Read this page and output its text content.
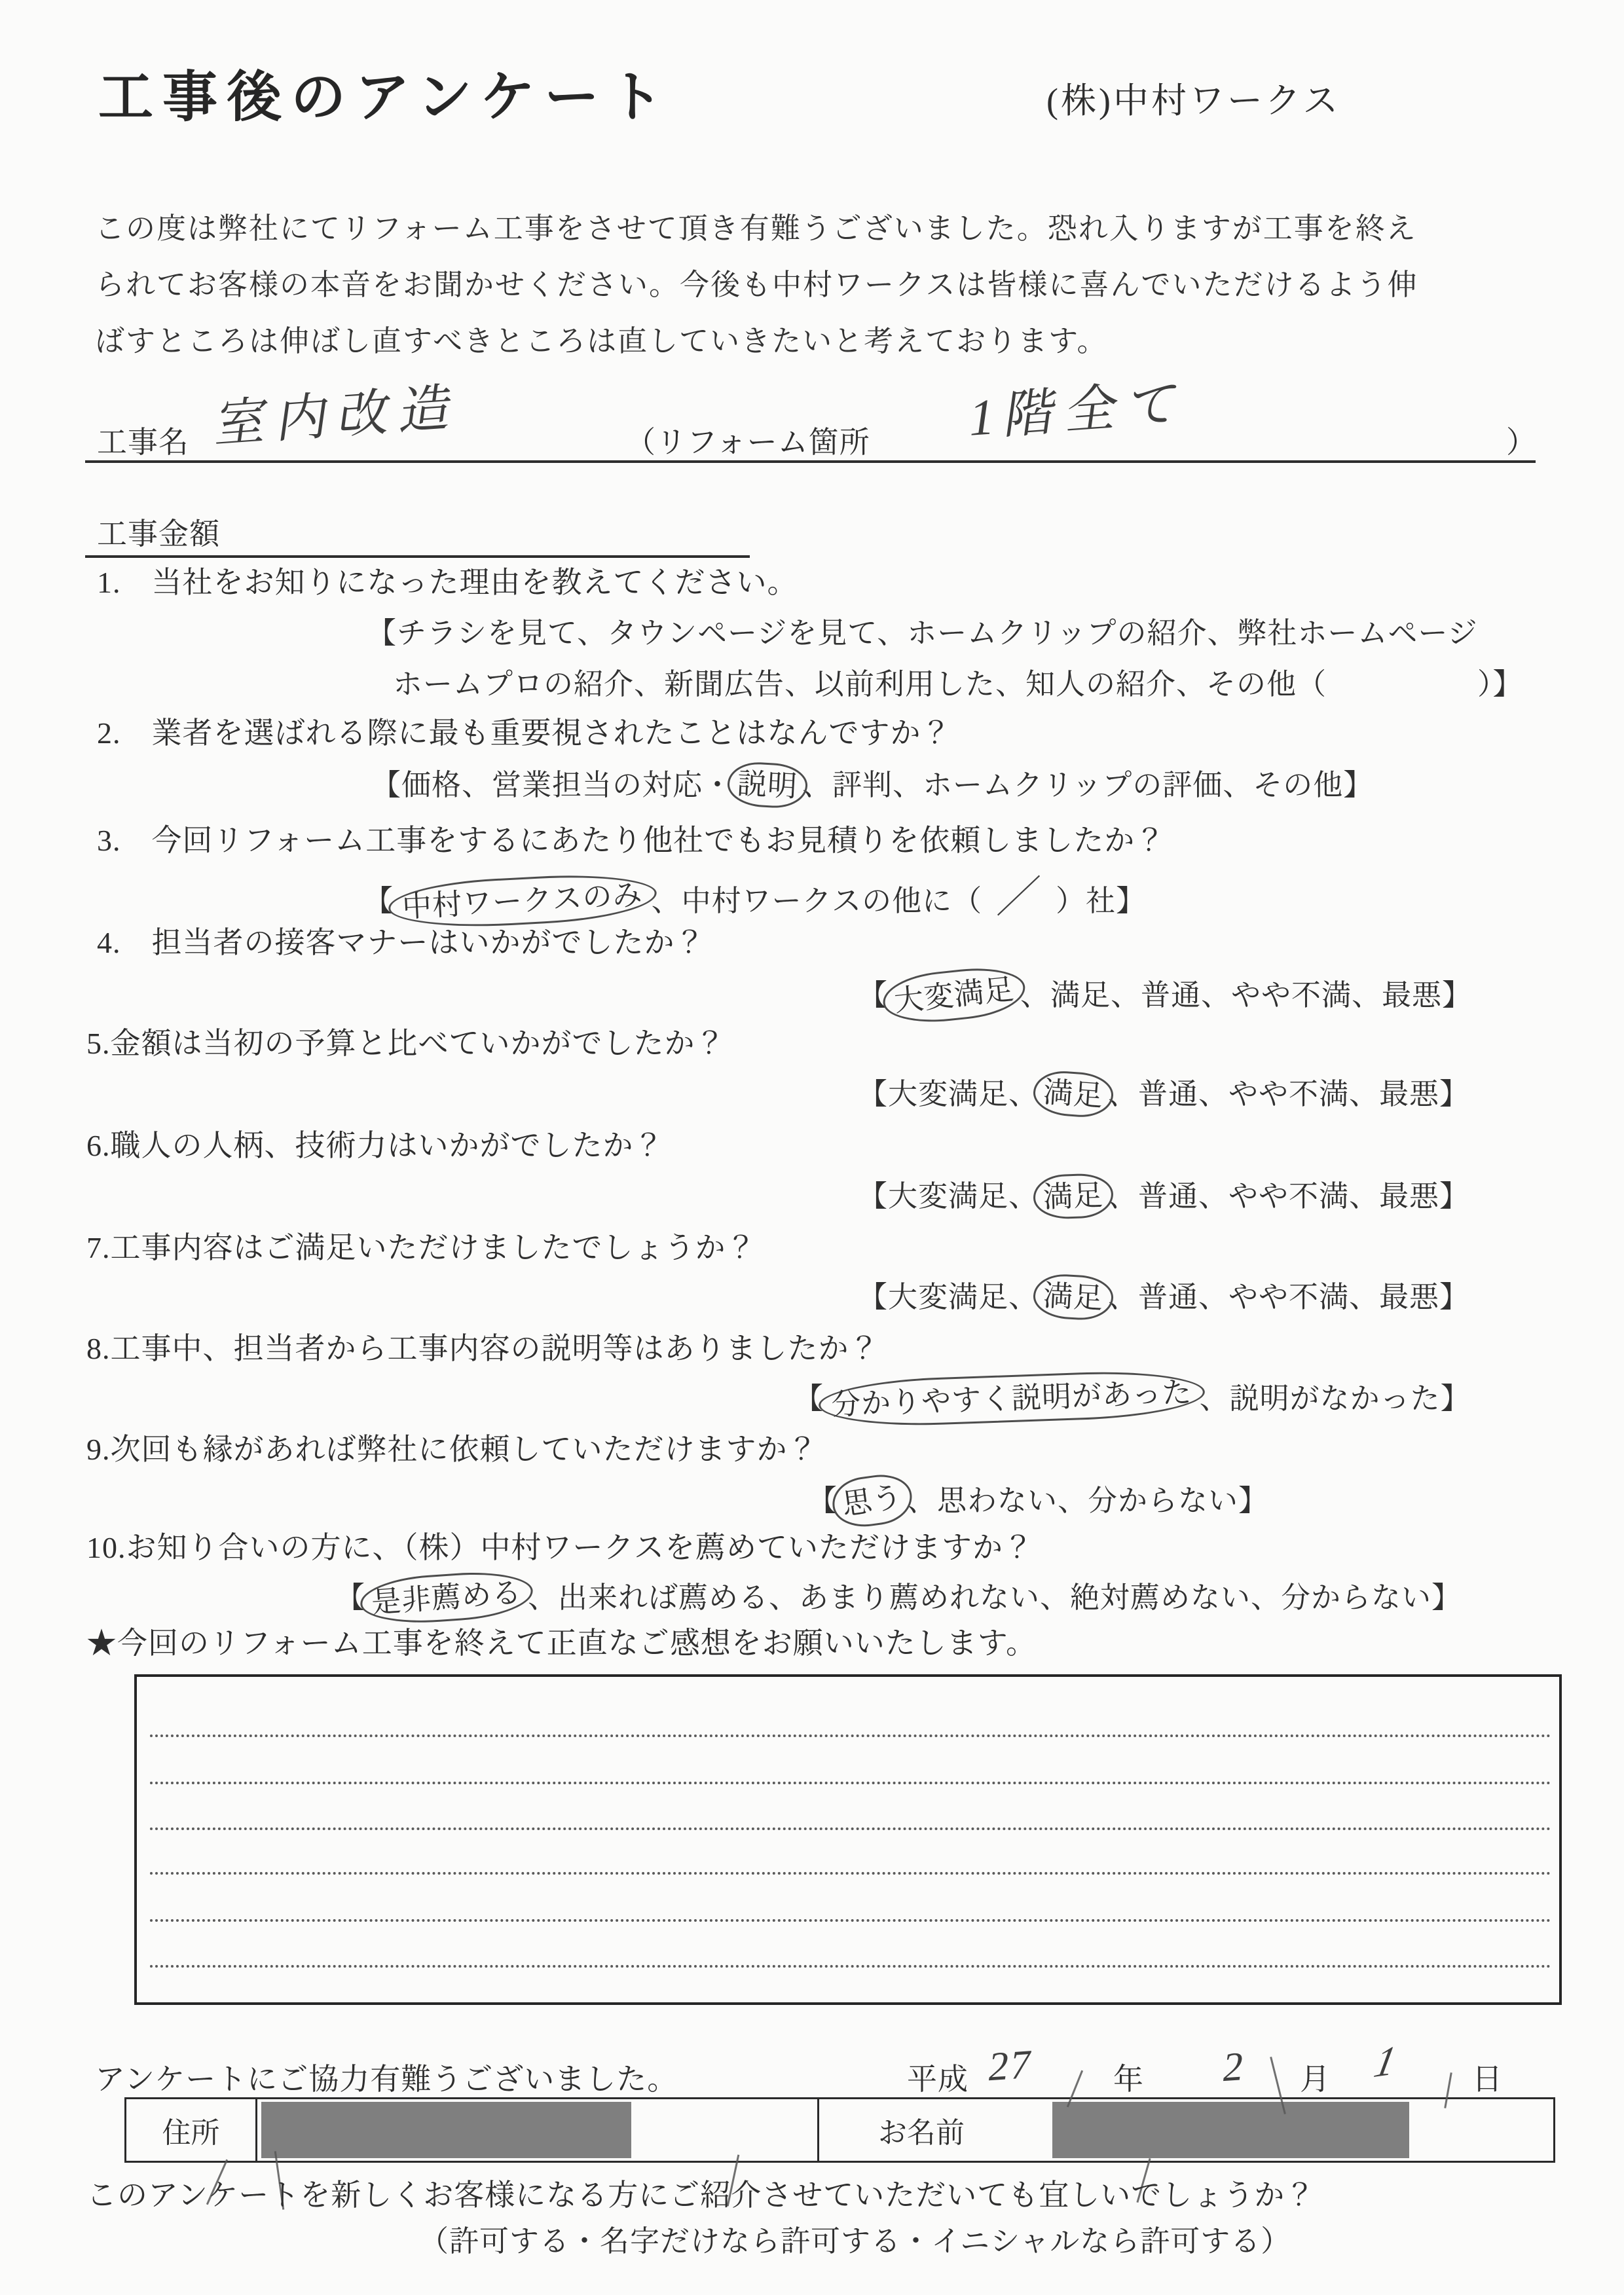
工事後のアンケート	(株)中村ワークス
この度は弊社にてリフォーム工事をさせて頂き有難うございました。恐れ入りますが工事を終え
られてお客様の本音をお聞かせください。今後も中村ワークスは皆様に喜んでいただけるよう伸
ばすところは伸ばし直すべきところは直していきたいと考えております。
工事名 室内改造	（リフォーム箇所 1階全て	）
工事金額
1.　当社をお知りになった理由を教えてください。
【チラシを見て、タウンページを見て、ホームクリップの紹介、弊社ホームページ
ホームプロの紹介、新聞広告、以前利用した、知人の紹介、その他（　　　　　）】
2.　業者を選ばれる際に最も重要視されたことはなんですか？
【価格、営業担当の対応・ 説明 、評判、ホームクリップの評価、その他】
3.　今回リフォーム工事をするにあたり他社でもお見積りを依頼しましたか？
【 中村ワークスのみ 、中村ワークスの他に（ ／ ）社】
4.　担当者の接客マナーはいかがでしたか？
【 大変満足 、満足、普通、やや不満、最悪】
5.金額は当初の予算と比べていかがでしたか？
【大変満足、 満足 、普通、やや不満、最悪】
6.職人の人柄、技術力はいかがでしたか？
【大変満足、 満足 、普通、やや不満、最悪】
7.工事内容はご満足いただけましたでしょうか？
【大変満足、 満足 、普通、やや不満、最悪】
8.工事中、担当者から工事内容の説明等はありましたか？
【 分かりやすく説明があった 、説明がなかった】
9.次回も縁があれば弊社に依頼していただけますか？
【思う、思わない、分からない】
10.お知り合いの方に、（株）中村ワークスを薦めていただけますか？
【 是非薦める 、出来れば薦める、あまり薦めれない、絶対薦めない、分からない】
★今回のリフォーム工事を終えて正直なご感想をお願いいたします。
アンケートにご協力有難うございました。	平成 27	年 2 月 1 日
住所	お名前
このアンケートを新しくお客様になる方にご紹介させていただいても宜しいでしょうか？
（許可する・名字だけなら許可する・イニシャルなら許可する）
